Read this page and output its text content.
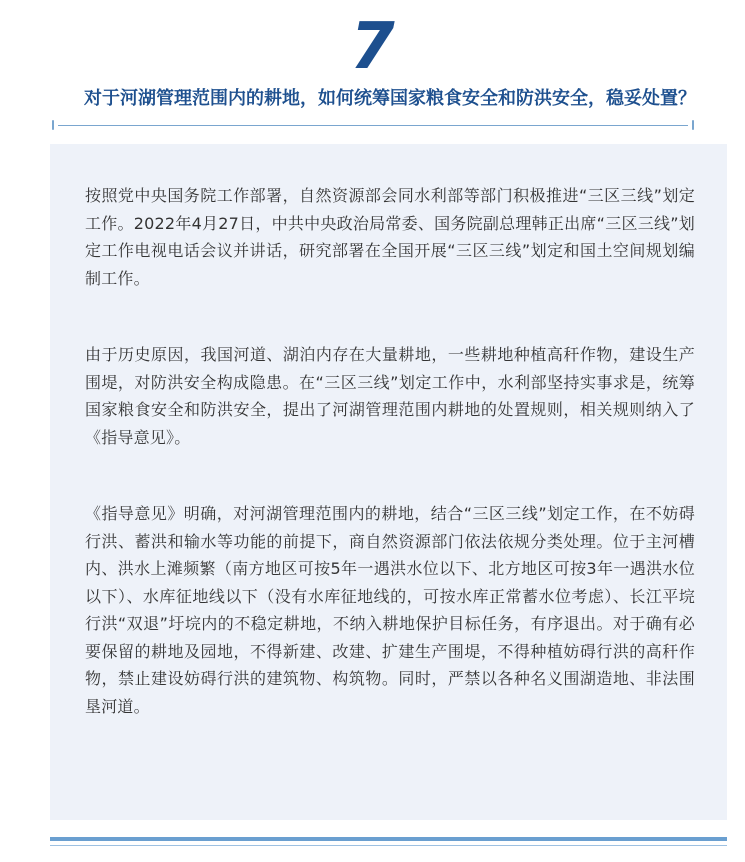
7
对于河湖管理范围内的耕地，如何统筹国家粮食安全和防洪安全，稳妥处置？
按照党中央国务院工作部署，自然资源部会同水利部等部门积极推进“三区三线”划定工作。2022年4月27日，中共中央政治局常委、国务院副总理韩正出席“三区三线”划定工作电视电话会议并讲话，研究部署在全国开展“三区三线”划定和国土空间规划编制工作。
由于历史原因，我国河道、湖泊内存在大量耕地，一些耕地种植高秆作物，建设生产围堤，对防洪安全构成隐患。在“三区三线”划定工作中，水利部坚持实事求是，统筹国家粮食安全和防洪安全，提出了河湖管理范围内耕地的处置规则，相关规则纳入了《指导意见》。
《指导意见》明确，对河湖管理范围内的耕地，结合“三区三线”划定工作，在不妨碍行洪、蓄洪和输水等功能的前提下，商自然资源部门依法依规分类处理。位于主河槽内、洪水上滩频繁（南方地区可按5年一遇洪水位以下、北方地区可按3年一遇洪水位以下）、水库征地线以下（没有水库征地线的，可按水库正常蓄水位考虑）、长江平垸行洪“双退”圩垸内的不稳定耕地，不纳入耕地保护目标任务，有序退出。对于确有必要保留的耕地及园地，不得新建、改建、扩建生产围堤，不得种植妨碍行洪的高秆作物，禁止建设妨碍行洪的建筑物、构筑物。同时，严禁以各种名义围湖造地、非法围垦河道。
